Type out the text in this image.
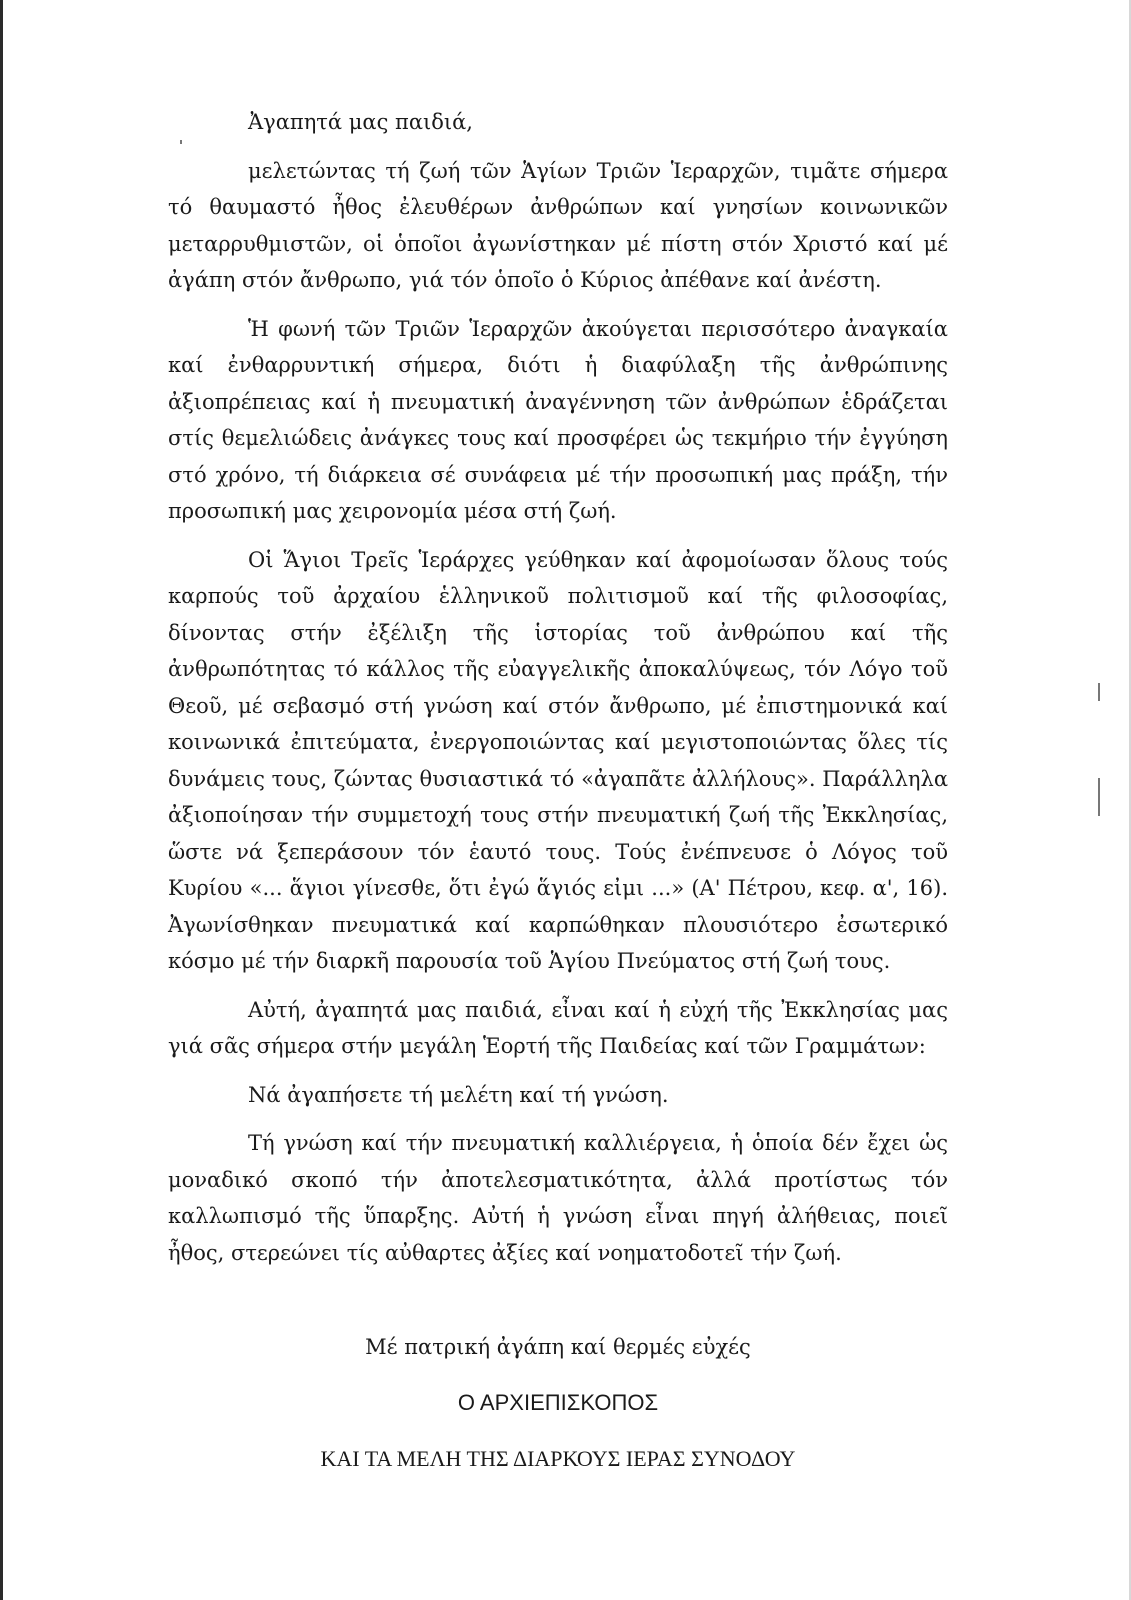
Ἀγαπητά μας παιδιά,

μελετώντας τή ζωή τῶν Ἁγίων Τριῶν Ἱεραρχῶν, τιμᾶτε σήμερα τό θαυμαστό ἦθος ἐλευθέρων ἀνθρώπων καί γνησίων κοινωνικῶν μεταρρυθμιστῶν, οἱ ὁποῖοι ἀγωνίστηκαν μέ πίστη στόν Χριστό καί μέ ἀγάπη στόν ἄνθρωπο, γιά τόν ὁποῖο ὁ Κύριος ἀπέθανε καί ἀνέστη.

Ἡ φωνή τῶν Τριῶν Ἱεραρχῶν ἀκούγεται περισσότερο ἀναγκαία καί ἐνθαρρυντική σήμερα, διότι ἡ διαφύλαξη τῆς ἀνθρώπινης ἀξιοπρέπειας καί ἡ πνευματική ἀναγέννηση τῶν ἀνθρώπων ἑδράζεται στίς θεμελιώδεις ἀνάγκες τους καί προσφέρει ὡς τεκμήριο τήν ἐγγύηση στό χρόνο, τή διάρκεια σέ συνάφεια μέ τήν προσωπική μας πράξη, τήν προσωπική μας χειρονομία μέσα στή ζωή.

Οἱ Ἅγιοι Τρεῖς Ἱεράρχες γεύθηκαν καί ἀφομοίωσαν ὅλους τούς καρπούς τοῦ ἀρχαίου ἑλληνικοῦ πολιτισμοῦ καί τῆς φιλοσοφίας, δίνοντας στήν ἐξέλιξη τῆς ἱστορίας τοῦ ἀνθρώπου καί τῆς ἀνθρωπότητας τό κάλλος τῆς εὐαγγελικῆς ἀποκαλύψεως, τόν Λόγο τοῦ Θεοῦ, μέ σεβασμό στή γνώση καί στόν ἄνθρωπο, μέ ἐπιστημονικά καί κοινωνικά ἐπιτεύματα, ἐνεργοποιώντας καί μεγιστοποιώντας ὅλες τίς δυνάμεις τους, ζώντας θυσιαστικά τό «ἀγαπᾶτε ἀλλήλους». Παράλληλα ἀξιοποίησαν τήν συμμετοχή τους στήν πνευματική ζωή τῆς Ἐκκλησίας, ὥστε νά ξεπεράσουν τόν ἑαυτό τους. Τούς ἐνέπνευσε ὁ Λόγος τοῦ Κυρίου «... ἅγιοι γίνεσθε, ὅτι ἐγώ ἅγιός εἰμι ...» (Α' Πέτρου, κεφ. α', 16). Ἀγωνίσθηκαν πνευματικά καί καρπώθηκαν πλουσιότερο ἐσωτερικό κόσμο μέ τήν διαρκῆ παρουσία τοῦ Ἁγίου Πνεύματος στή ζωή τους.

Αὐτή, ἀγαπητά μας παιδιά, εἶναι καί ἡ εὐχή τῆς Ἐκκλησίας μας γιά σᾶς σήμερα στήν μεγάλη Ἑορτή τῆς Παιδείας καί τῶν Γραμμάτων:

Νά ἀγαπήσετε τή μελέτη καί τή γνώση.

Τή γνώση καί τήν πνευματική καλλιέργεια, ἡ ὁποία δέν ἔχει ὡς μοναδικό σκοπό τήν ἀποτελεσματικότητα, ἀλλά προτίστως τόν καλλωπισμό τῆς ὕπαρξης. Αὐτή ἡ γνώση εἶναι πηγή ἀλήθειας, ποιεῖ ἦθος, στερεώνει τίς αὐθαρτες ἀξίες καί νοηματοδοτεῖ τήν ζωή.

Μέ πατρική ἀγάπη καί θερμές εὐχές
Ο ΑΡΧΙΕΠΙΣΚΟΠΟΣ
ΚΑΙ ΤΑ ΜΕΛΗ ΤΗΣ ΔΙΑΡΚΟΥΣ ΙΕΡΑΣ ΣΥΝΟΔΟΥ
